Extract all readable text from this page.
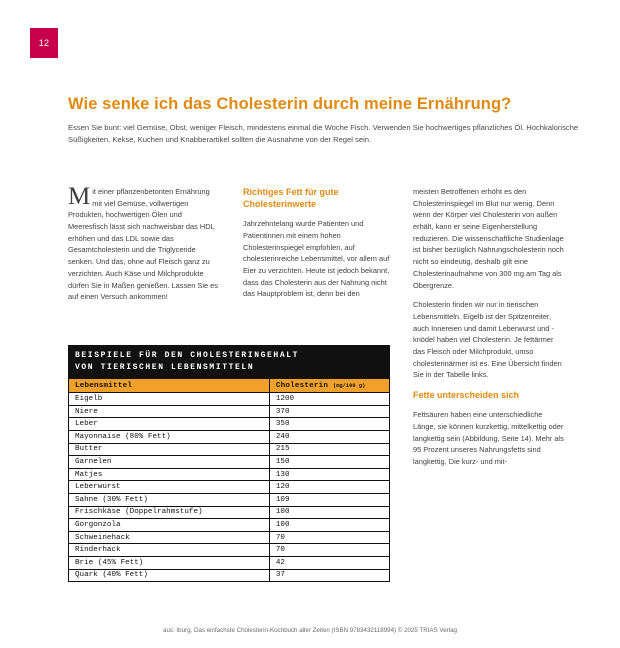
12
Wie senke ich das Cholesterin durch meine Ernährung?
Essen Sie bunt: viel Gemüse, Obst, weniger Fleisch, mindestens einmal die Woche Fisch. Verwenden Sie hochwertiges pflanzliches Öl. Hochkalorische Süßigkeiten, Kekse, Kuchen und Knabberartikel sollten die Ausnahme von der Regel sein.

Mit einer pflanzenbetonten Ernährung mit viel Gemüse, vollwertigen Produkten, hochwertigen Ölen und Meeresfisch lässt sich nachweisbar das HDL erhöhen und das LDL sowie das Gesamtcholesterin und die Triglyceride senken. Und das, ohne auf Fleisch ganz zu verzichten. Auch Käse und Milchprodukte dürfen Sie in Maßen genießen. Lassen Sie es auf einen Versuch ankommen!

Richtiges Fett für gute Cholesterinwerte

Jahrzehntelang wurde Patienten und Patientinnen mit einem hohen Cholesterinspiegel empfohlen, auf cholesterinreiche Lebensmittel, vor allem auf Eier zu verzichten. Heute ist jedoch bekannt, dass das Cholesterin aus der Nahrung nicht das Hauptproblem ist, denn bei den

meisten Betroffenen erhöht es den Cholesterinspiegel im Blut nur wenig. Denn wenn der Körper viel Cholesterin von außen erhält, kann er seine Eigenherstellung reduzieren. Die wissenschaftliche Studienlage ist bisher bezüglich Nahrungscholesterin noch nicht so eindeutig, deshalb gilt eine Cholesterinaufnahme von 300 mg am Tag als Obergrenze.

Cholesterin finden wir nur in tierischen Lebensmitteln. Eigelb ist der Spitzenreiter, auch Innereien und damit Leberwurst und -knödel haben viel Cholesterin. Je fettärmer das Fleisch oder Milchprodukt, umso cholesterinärmer ist es. Eine Übersicht finden Sie in der Tabelle links.

Fette unterscheiden sich

Fettsäuren haben eine unterschiedliche Länge, sie können kurzkettig, mittelkettig oder langkettig sein (Abbildung, Seite 14). Mehr als 95 Prozent unseres Nahrungsfetts sind langkettig. Die kurz- und mit-

BEISPIELE FÜR DEN CHOLESTERINGEHALT
VON TIERISCHEN LEBENSMITTELN
Lebensmittel	Cholesterin (mg/100 g)
Eigelb	1200
Niere	370
Leber	350
Mayonnaise (80% Fett)	240
Butter	215
Garnelen	150
Matjes	130
Leberwurst	120
Sahne (30% Fett)	109
Frischkäse (Doppelrahmstufe)	100
Gorgonzola	100
Schweinehack	70
Rinderhack	70
Brie (45% Fett)	42
Quark (40% Fett)	37
aus: Iburg, Das einfachste Cholesterin-Kochbuch aller Zeiten (ISBN 9783432118994) © 2025 TRIAS Verlag
